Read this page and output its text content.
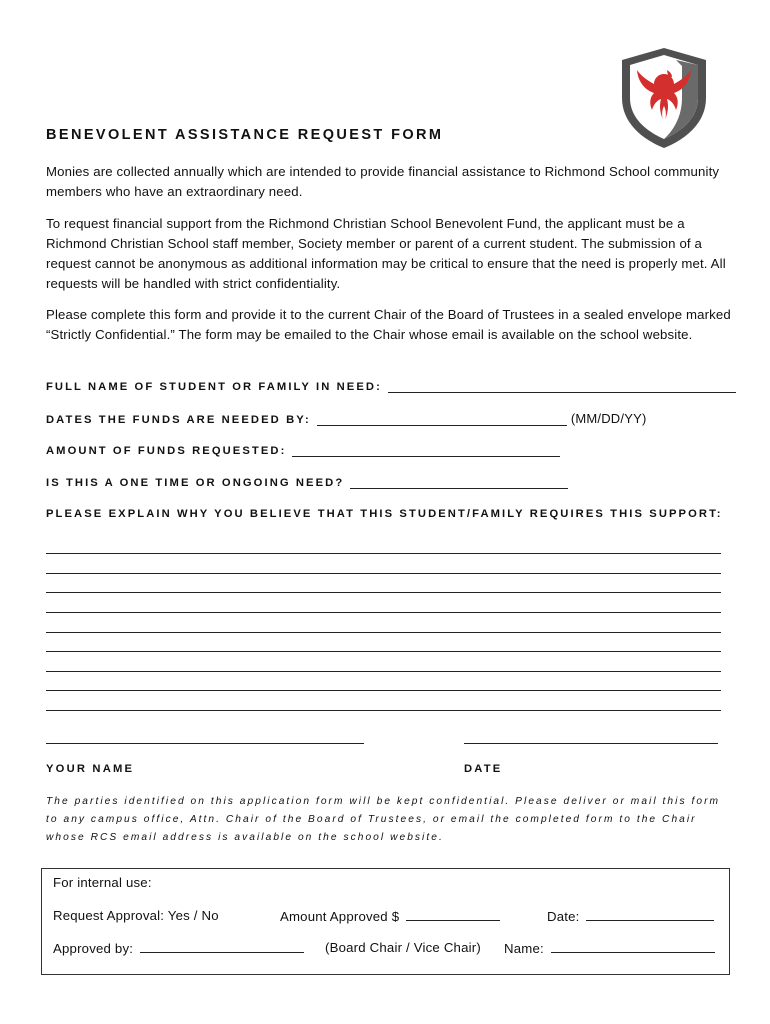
BENEVOLENT ASSISTANCE REQUEST FORM
Monies are collected annually which are intended to provide financial assistance to Richmond School community members who have an extraordinary need.
To request financial support from the Richmond Christian School Benevolent Fund, the applicant must be a Richmond Christian School staff member, Society member or parent of a current student. The submission of a request cannot be anonymous as additional information may be critical to ensure that the need is properly met. All requests will be handled with strict confidentiality.
Please complete this form and provide it to the current Chair of the Board of Trustees in a sealed envelope marked “Strictly Confidential.” The form may be emailed to the Chair whose email is available on the school website.
FULL NAME OF STUDENT OR FAMILY IN NEED:
DATES THE FUNDS ARE NEEDED BY:	(MM/DD/YY)
AMOUNT OF FUNDS REQUESTED:
IS THIS A ONE TIME OR ONGOING NEED?
PLEASE EXPLAIN WHY YOU BELIEVE THAT THIS STUDENT/FAMILY REQUIRES THIS SUPPORT:
YOUR NAME	DATE
The parties identified on this application form will be kept confidential. Please deliver or mail this form to any campus office, Attn. Chair of the Board of Trustees, or email the completed form to the Chair whose RCS email address is available on the school website.
For internal use:
Request Approval: Yes / No	Amount Approved $	Date:
Approved by:	(Board Chair / Vice Chair) Name:
